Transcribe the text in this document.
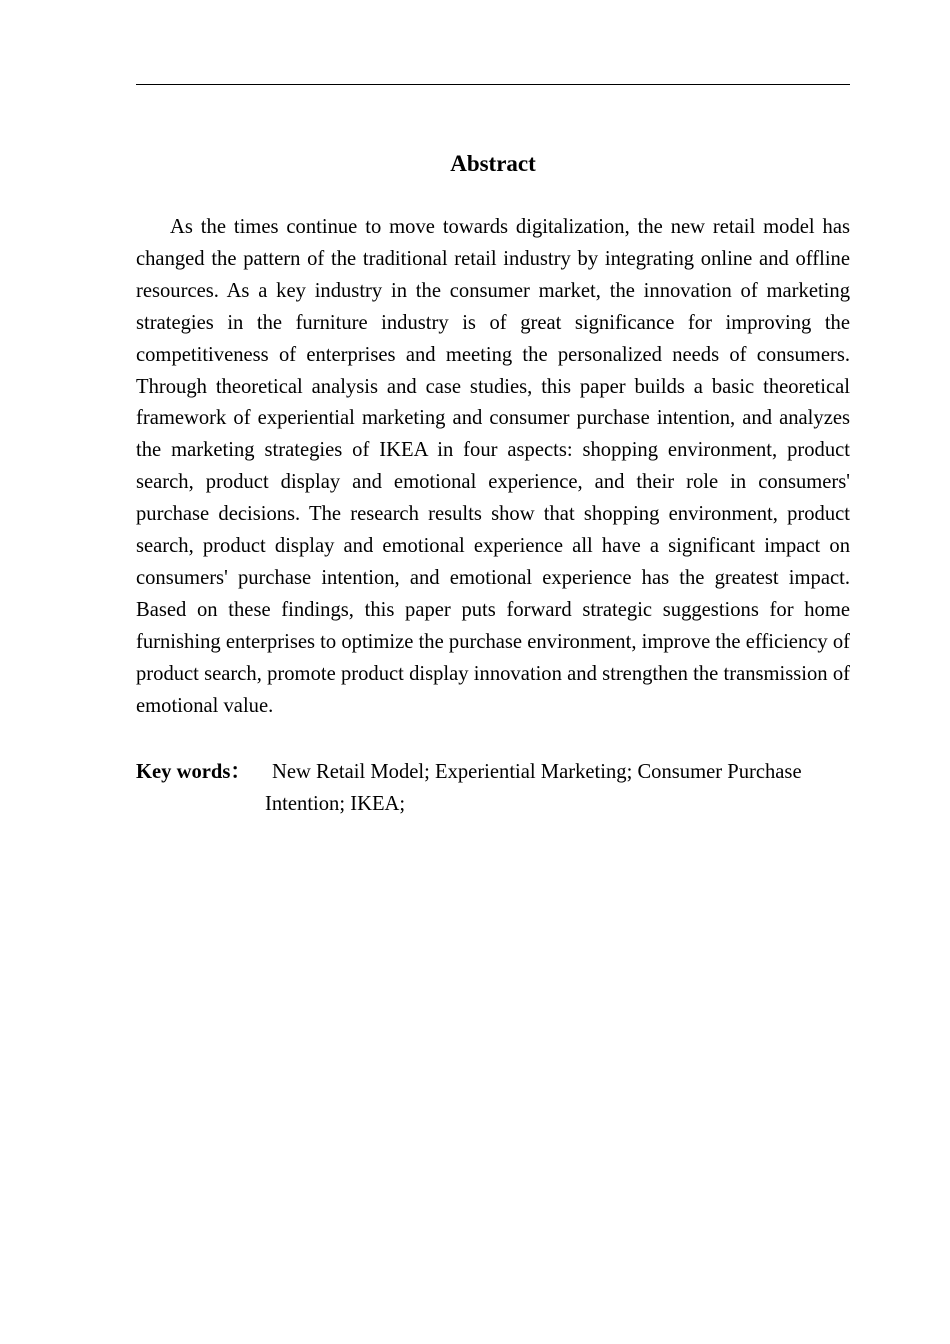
Abstract

As the times continue to move towards digitalization, the new retail model has changed the pattern of the traditional retail industry by integrating online and offline resources. As a key industry in the consumer market, the innovation of marketing strategies in the furniture industry is of great significance for improving the competitiveness of enterprises and meeting the personalized needs of consumers. Through theoretical analysis and case studies, this paper builds a basic theoretical framework of experiential marketing and consumer purchase intention, and analyzes the marketing strategies of IKEA in four aspects: shopping environment, product search, product display and emotional experience, and their role in consumers' purchase decisions. The research results show that shopping environment, product search, product display and emotional experience all have a significant impact on consumers' purchase intention, and emotional experience has the greatest impact. Based on these findings, this paper puts forward strategic suggestions for home furnishing enterprises to optimize the purchase environment, improve the efficiency of product search, promote product display innovation and strengthen the transmission of emotional value.

Key words：	New Retail Model; Experiential Marketing; Consumer Purchase Intention; IKEA;
